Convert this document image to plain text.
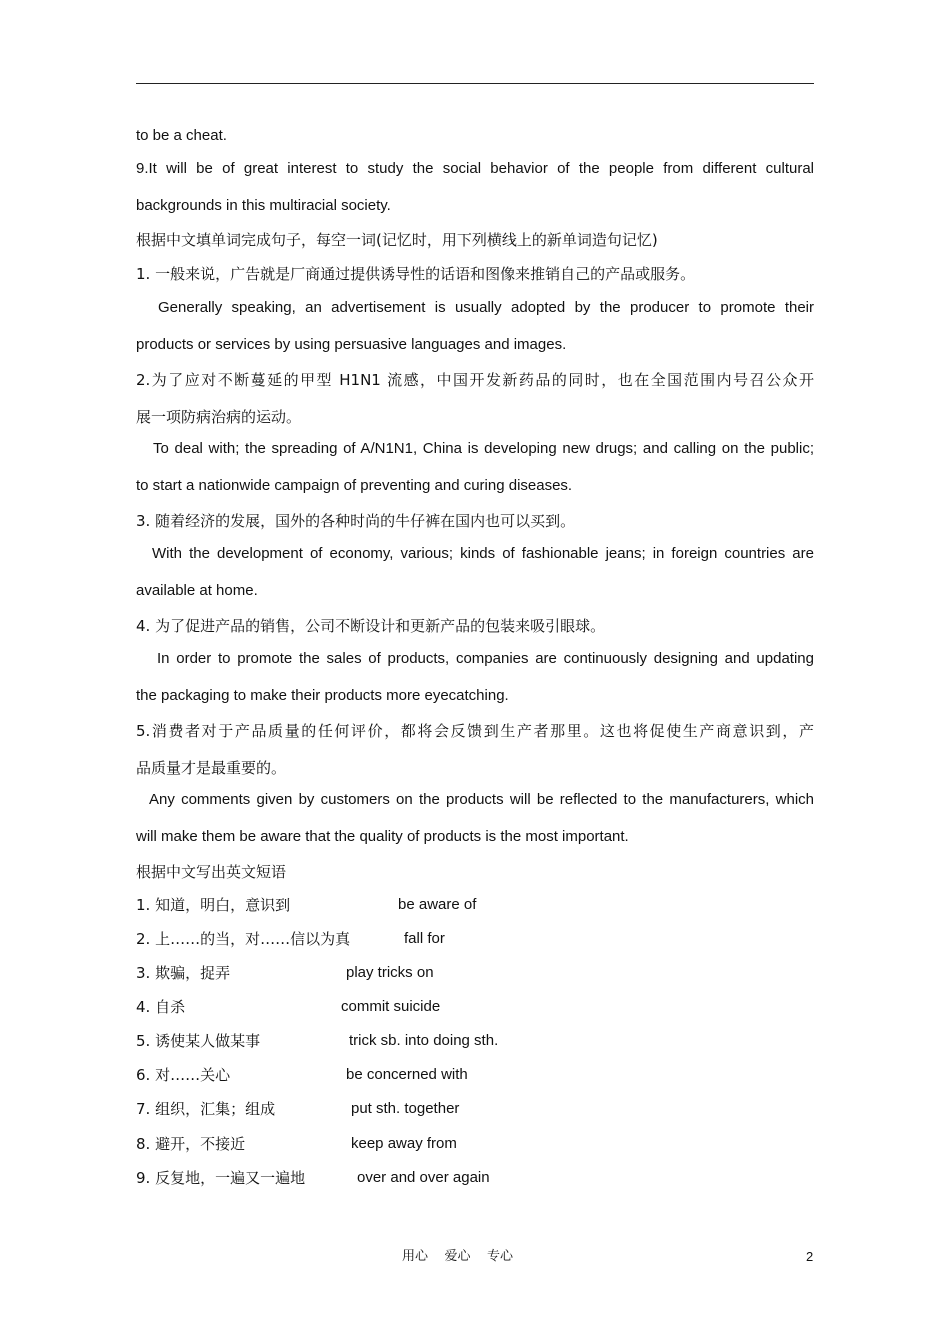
to be a cheat.
9.It will be of great interest to study the social behavior of the people from different cultural
backgrounds in this multiracial society.
根据中文填单词完成句子，每空一词(记忆时，用下列横线上的新单词造句记忆)
1. 一般来说，广告就是厂商通过提供诱导性的话语和图像来推销自己的产品或服务。
Generally speaking, an advertisement is usually adopted by the producer to promote their
products or services by using persuasive languages and images.
2.为了应对不断蔓延的甲型 H1N1 流感，中国开发新药品的同时，也在全国范围内号召公众开
展一项防病治病的运动。
To deal with; the spreading of A/N1N1, China is developing new drugs; and calling on the public;
to start a nationwide campaign of preventing and curing diseases.
3. 随着经济的发展，国外的各种时尚的牛仔裤在国内也可以买到。
With the development of economy, various; kinds of fashionable jeans; in foreign countries are
available at home.
4. 为了促进产品的销售，公司不断设计和更新产品的包装来吸引眼球。
In order to promote the sales of products, companies are continuously designing and updating
the packaging to make their products more eyecatching.
5.消费者对于产品质量的任何评价，都将会反馈到生产者那里。这也将促使生产商意识到，产
品质量才是最重要的。
Any comments given by customers on the products will be reflected to the manufacturers, which
will make them be aware that the quality of products is the most important.
根据中文写出英文短语
1. 知道，明白，意识到	be aware of
2. 上……的当，对……信以为真	fall for
3. 欺骗，捉弄	play tricks on
4. 自杀	commit suicide
5. 诱使某人做某事	trick sb. into doing sth.
6. 对……关心	be concerned with
7. 组织，汇集；组成	put sth. together
8. 避开，不接近	keep away from
9. 反复地，一遍又一遍地	over and over again
用心    爱心    专心	2
